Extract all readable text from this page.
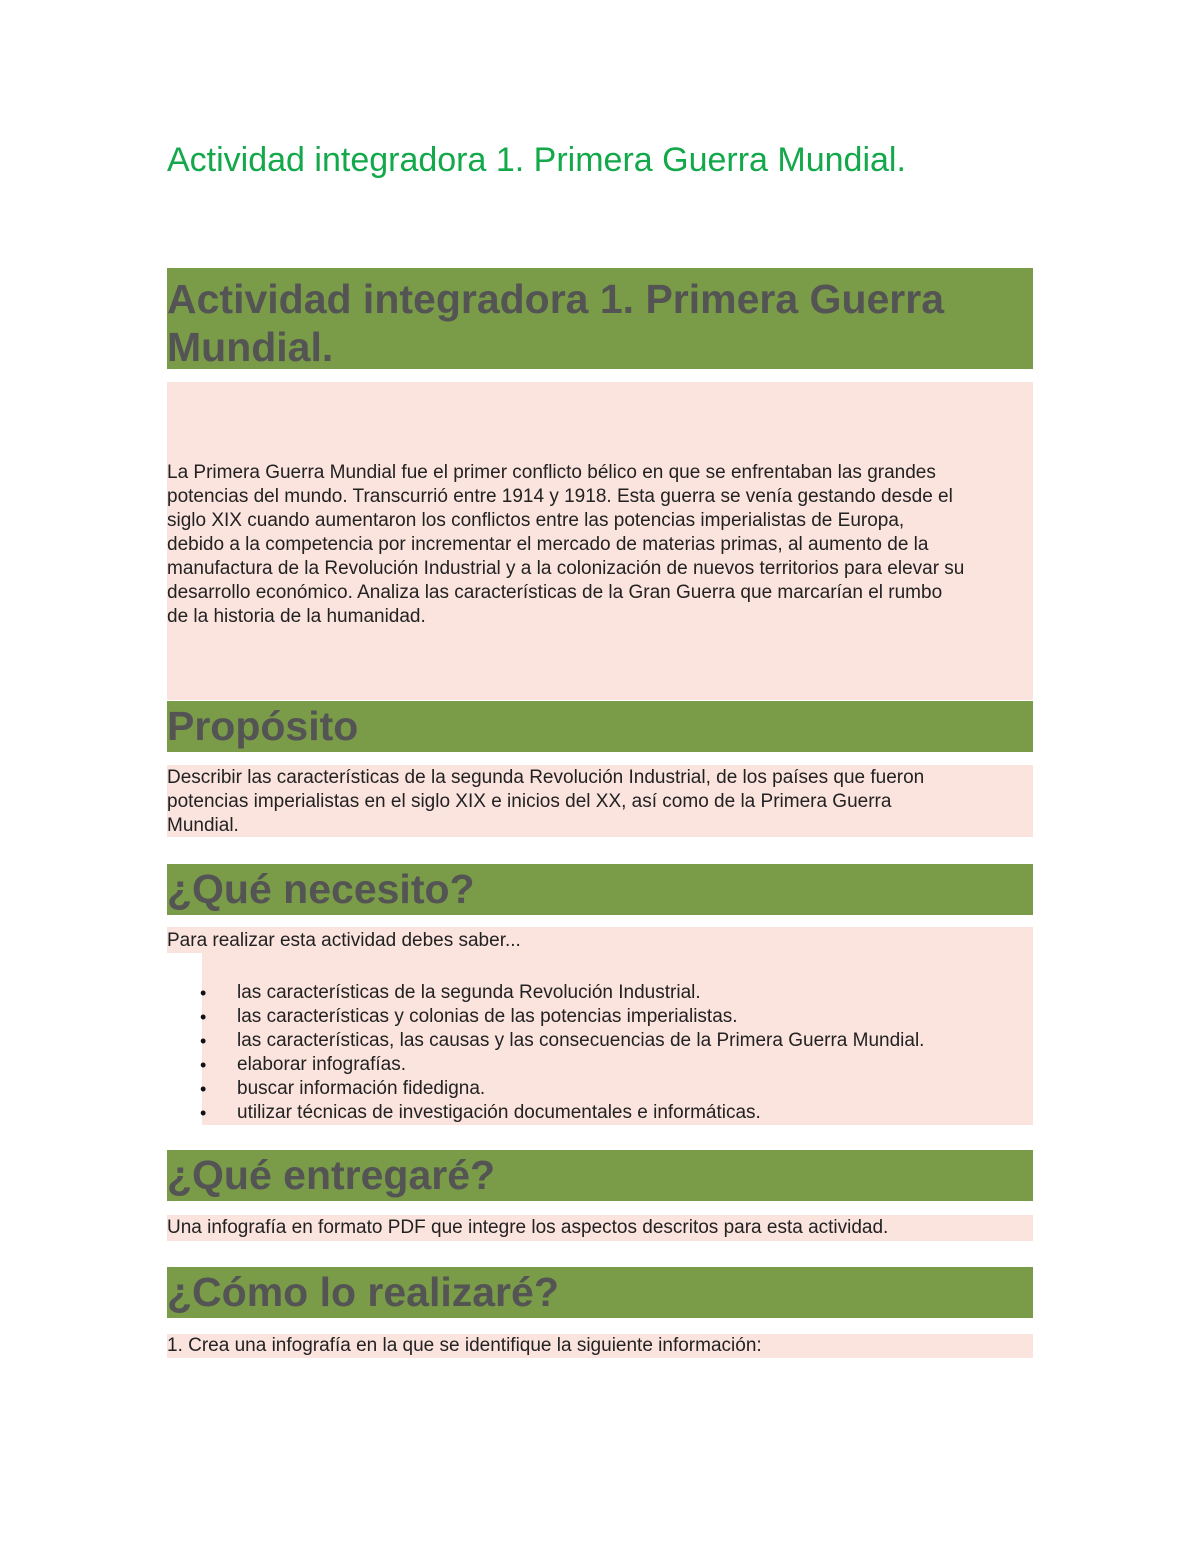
Actividad integradora 1. Primera Guerra Mundial.
Actividad integradora 1. Primera Guerra
Mundial.
La Primera Guerra Mundial fue el primer conflicto bélico en que se enfrentaban las grandes
potencias del mundo. Transcurrió entre 1914 y 1918. Esta guerra se venía gestando desde el
siglo XIX cuando aumentaron los conflictos entre las potencias imperialistas de Europa,
debido a la competencia por incrementar el mercado de materias primas, al aumento de la
manufactura de la Revolución Industrial y a la colonización de nuevos territorios para elevar su
desarrollo económico. Analiza las características de la Gran Guerra que marcarían el rumbo
de la historia de la humanidad.
Propósito
Describir las características de la segunda Revolución Industrial, de los países que fueron
potencias imperialistas en el siglo XIX e inicios del XX, así como de la Primera Guerra
Mundial.
¿Qué necesito?
Para realizar esta actividad debes saber...
• las características de la segunda Revolución Industrial.
• las características y colonias de las potencias imperialistas.
• las características, las causas y las consecuencias de la Primera Guerra Mundial.
• elaborar infografías.
• buscar información fidedigna.
• utilizar técnicas de investigación documentales e informáticas.
¿Qué entregaré?
Una infografía en formato PDF que integre los aspectos descritos para esta actividad.
¿Cómo lo realizaré?
1. Crea una infografía en la que se identifique la siguiente información:
